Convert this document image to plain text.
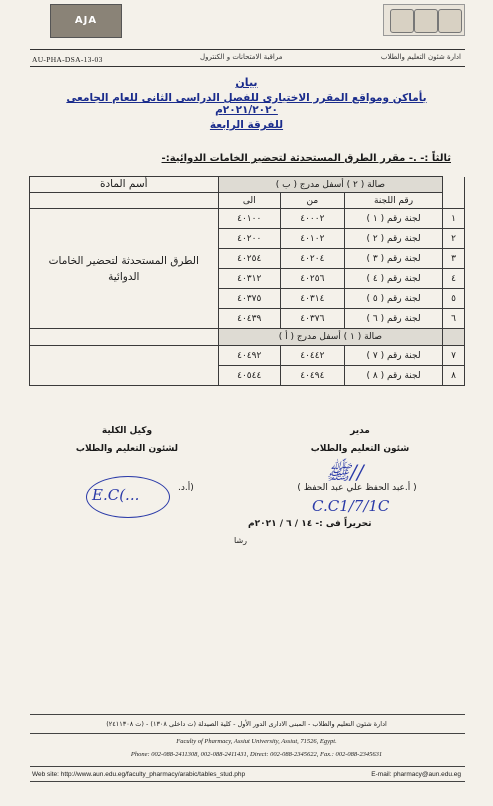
AJA
AU-PHA-DSA-13-03	مراقبة الامتحانات و الكنترول	ادارة شئون التعليم والطلاب
بيان
بأماكن ومواقع المقرر الاختيارى للفصل الدراسى الثانى للعام الجامعى ٢٠٢١/٢٠٢٠م
للفرقة الرابعة
ثالثاً :- .- مقرر الطرق المستحدثة لتحضير الخامات الدوائية:-
	صالة ( ٢ ) أسفل مدرج ( ب )			أسم المادة
	رقم اللجنة	من	الى	
١	لجنة رقم ( ١ )	٤٠٠٠٢	٤٠١٠٠	الطرق المستحدثة لتحضير الخامات الدوائية
٢	لجنة رقم ( ٢ )	٤٠١٠٢	٤٠٢٠٠	
٣	لجنة رقم ( ٣ )	٤٠٢٠٤	٤٠٢٥٤	
٤	لجنة رقم ( ٤ )	٤٠٢٥٦	٤٠٣١٢	
٥	لجنة رقم ( ٥ )	٤٠٣١٤	٤٠٣٧٥	
٦	لجنة رقم ( ٦ )	٤٠٣٧٦	٤٠٤٣٩	
	صالة ( ١ ) أسفل مدرج ( أ )			
٧	لجنة رقم ( ٧ )	٤٠٤٤٢	٤٠٤٩٢	
٨	لجنة رقم ( ٨ )	٤٠٤٩٤	٤٠٥٤٤	
مدير
شئون التعليم والطلاب
( أ.عبد الحفظ علي عبد الحفظ )
ﷺ//
C.C1/7/1C
وكيل الكلية
لشئون التعليم والطلاب
(أ.د.
E.C(...
تحريراً فى :- ١٤ / ٦ / ٢٠٢١م
رشا
ادارة شئون التعليم والطلاب - المبنى الادارى الدور الأول - كلية الصيدلة (ت داخلى ١٣٠٨) - (ت ٢٤١١٣٠٨)
Faculty of Pharmacy, Assiut University, Assiut, 71526, Egypt.
Phone: 002-088-2411308, 002-088-2411431, Direct: 002-088-2345622, Fax.: 002-088-2345631
Web site: http://www.aun.edu.eg/faculty_pharmacy/arabic/tables_stud.php	E-mail: pharmacy@aun.edu.eg
